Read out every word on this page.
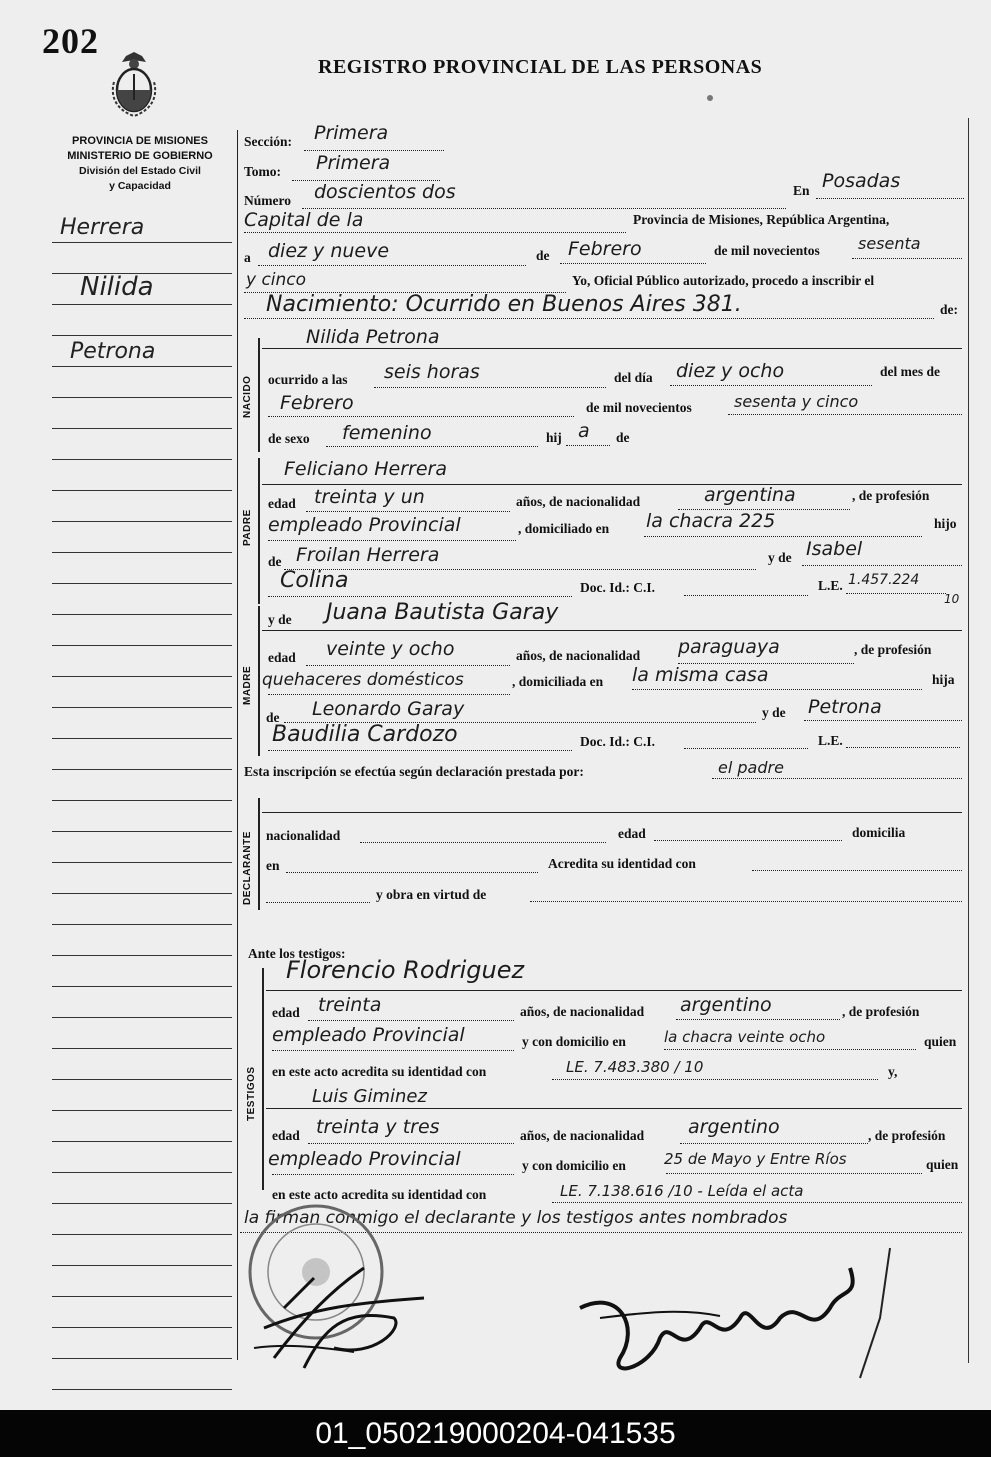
202
REGISTRO PROVINCIAL DE LAS PERSONAS
PROVINCIA DE MISIONES
MINISTERIO DE GOBIERNO
División del Estado Civil
y Capacidad
Herrera
Nilida
Petrona
Sección: Primera
Tomo: Primera
Número doscientos dos	En Posadas
Capital de la	Provincia de Misiones, República Argentina,
a diez y nueve	de Febrero	de mil novecientos sesenta
y cinco	Yo, Oficial Público autorizado, procedo a inscribir el
Nacimiento: Ocurrido en Buenos Aires 381.	de:
NACIDO
Nilida Petrona
ocurrido a las seis horas	del día diez y ocho	del mes de
Febrero	de mil novecientos	sesenta y cinco
de sexo femenino	hij a de
PADRE
Feliciano Herrera
edad treinta y un	años, de nacionalidad	argentina	, de profesión
empleado Provincial	, domiciliado en la chacra 225	hijo
de Froilan Herrera	y de Isabel
Colina	Doc. Id.: C.I.	L.E. 1.457.224
10
MADRE
y de Juana Bautista Garay
edad veinte y ocho	años, de nacionalidad paraguaya	, de profesión
quehaceres domésticos	, domiciliada en la misma casa	hija
de Leonardo Garay	y de Petrona
Baudilia Cardozo	Doc. Id.: C.I.	L.E.
Esta inscripción se efectúa según declaración prestada por:	el padre
DECLARANTE nacionalidad	edad	domicilia
en	Acredita su identidad con
y obra en virtud de
Ante los testigos:
TESTIGOS
Florencio Rodriguez
edad treinta	años, de nacionalidad argentino	, de profesión
empleado Provincial	y con domicilio en	la chacra veinte ocho	quien
en este acto acredita su identidad con	LE. 7.483.380 / 10	y,
Luis Giminez
edad treinta y tres	años, de nacionalidad argentino	, de profesión
empleado Provincial	y con domicilio en	25 de Mayo y Entre Ríos	quien
en este acto acredita su identidad con	LE. 7.138.616 /10 - Leída el acta
la firman conmigo el declarante y los testigos antes nombrados
01_050219000204-041535
